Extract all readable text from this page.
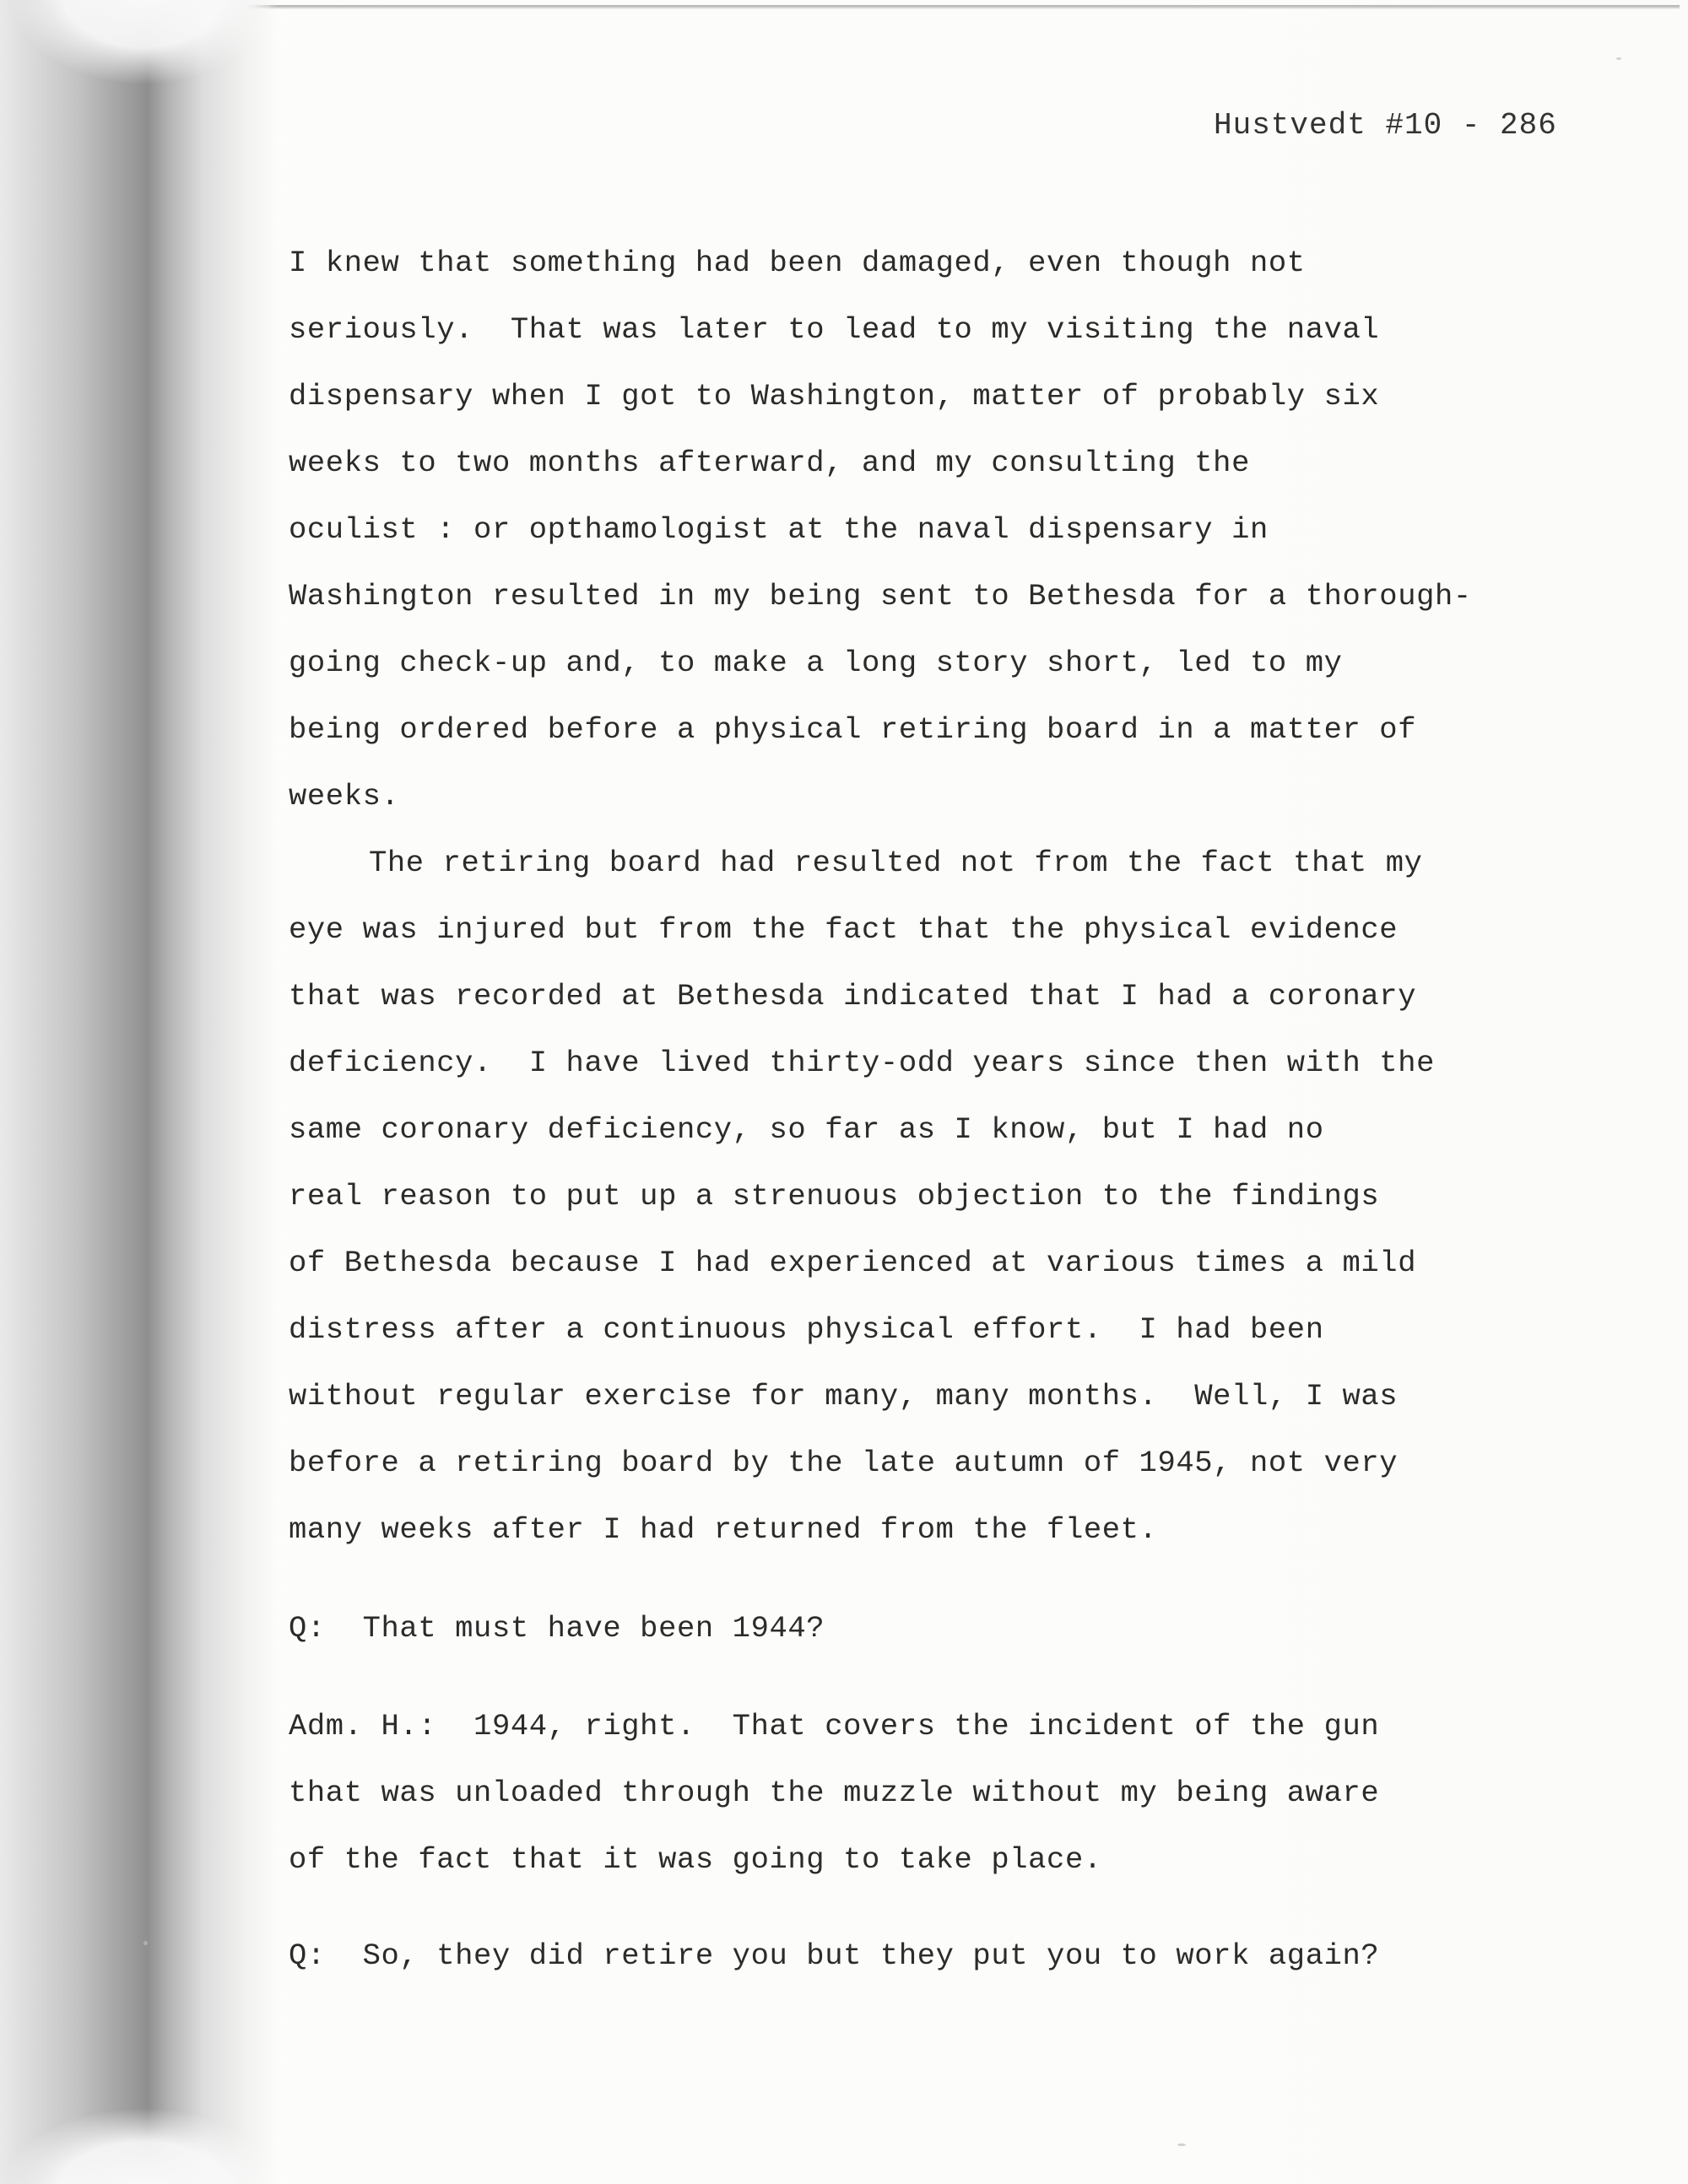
Hustvedt #10 - 286
I knew that something had been damaged, even though not
seriously.  That was later to lead to my visiting the naval
dispensary when I got to Washington, matter of probably six
weeks to two months afterward, and my consulting the
oculist : or opthamologist at the naval dispensary in
Washington resulted in my being sent to Bethesda for a thorough-
going check-up and, to make a long story short, led to my
being ordered before a physical retiring board in a matter of
weeks.
The retiring board had resulted not from the fact that my
eye was injured but from the fact that the physical evidence
that was recorded at Bethesda indicated that I had a coronary
deficiency.  I have lived thirty-odd years since then with the
same coronary deficiency, so far as I know, but I had no
real reason to put up a strenuous objection to the findings
of Bethesda because I had experienced at various times a mild
distress after a continuous physical effort.  I had been
without regular exercise for many, many months.  Well, I was
before a retiring board by the late autumn of 1945, not very
many weeks after I had returned from the fleet.
Q:  That must have been 1944?
Adm. H.:  1944, right.  That covers the incident of the gun
that was unloaded through the muzzle without my being aware
of the fact that it was going to take place.
Q:  So, they did retire you but they put you to work again?
